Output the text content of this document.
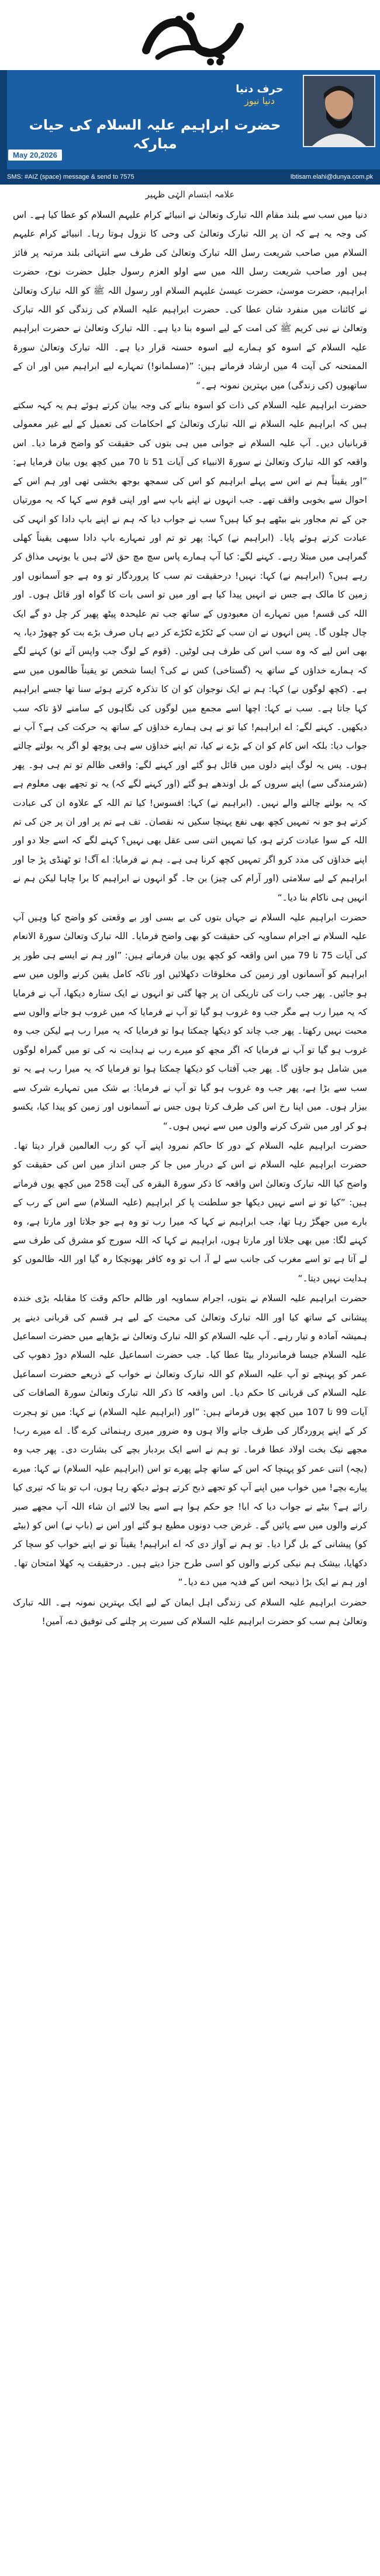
حرف دنیا
دنیا نیوز
حضرت ابراہیم علیہ السلام کی حیات مبارکہ
May 20,2026
SMS: #AIZ (space) message & send to 7575	Ibtisam.elahi@dunya.com.pk
علامہ ابتسام الہٰی ظہیر

دنیا میں سب سے بلند مقام اللہ تبارک وتعالیٰ نے انبیائے کرام علیہم السلام کو عطا کیا ہے۔ اس کی وجہ یہ ہے کہ ان پر اللہ تبارک وتعالیٰ کی وحی کا نزول ہوتا رہا۔ انبیائے کرام علیہم السلام میں صاحب شریعت رسل اللہ تبارک وتعالیٰ کی طرف سے انتہائی بلند مرتبہ پر فائز ہیں اور صاحب شریعت رسل اللہ میں سے اولو العزم رسول جلیل حضرت نوح، حضرت ابراہیم، حضرت موسیٰ، حضرت عیسیٰ علیہم السلام اور رسول اللہ ﷺ کو اللہ تبارک وتعالیٰ نے کائنات میں منفرد شان عطا کی۔ حضرت ابراہیم علیہ السلام کی زندگی کو اللہ تبارک وتعالیٰ نے نبی کریم ﷺ کی امت کے لیے اسوہ بنا دیا ہے۔ اللہ تبارک وتعالیٰ نے حضرت ابراہیم علیہ السلام کے اسوہ کو ہمارے لیے اسوہ حسنہ قرار دیا ہے۔ اللہ تبارک وتعالیٰ سورۃ الممتحنہ کی آیت 4 میں ارشاد فرماتے ہیں: ”(مسلمانو!) تمہارے لیے ابراہیم میں اور ان کے ساتھیوں (کی زندگی) میں بہترین نمونہ ہے۔“

حضرت ابراہیم علیہ السلام کی ذات کو اسوہ بنانے کی وجہ بیان کرتے ہوئے ہم یہ کہہ سکتے ہیں کہ ابراہیم علیہ السلام نے اللہ تبارک وتعالیٰ کے احکامات کی تعمیل کے لیے غیر معمولی قربانیاں دیں۔ آپ علیہ السلام نے جوانی میں ہی بتوں کی حقیقت کو واضح فرما دیا۔ اس واقعہ کو اللہ تبارک وتعالیٰ نے سورۃ الانبیاء کی آیات 51 تا 70 میں کچھ یوں بیان فرمایا ہے: ”اور یقیناً ہم نے اس سے پہلے ابراہیم کو اس کی سمجھ بوجھ بخشی تھی اور ہم اس کے احوال سے بخوبی واقف تھے۔ جب انہوں نے اپنے باپ سے اور اپنی قوم سے کہا کہ یہ مورتیاں جن کے تم مجاور بنے بیٹھے ہو کیا ہیں؟ سب نے جواب دیا کہ ہم نے اپنے باپ دادا کو انہی کی عبادت کرتے ہوئے پایا۔ (ابراہیم نے) کہا: پھر تو تم اور تمہارے باپ دادا سبھی یقیناً کھلی گمراہی میں مبتلا رہے۔ کہنے لگے: کیا آپ ہمارے پاس سچ مچ حق لائے ہیں یا یونہی مذاق کر رہے ہیں؟ (ابراہیم نے) کہا: نہیں! درحقیقت تم سب کا پروردگار تو وہ ہے جو آسمانوں اور زمین کا مالک ہے جس نے انہیں پیدا کیا ہے اور میں تو اسی بات کا گواہ اور قائل ہوں۔ اور اللہ کی قسم! میں تمہارے ان معبودوں کے ساتھ جب تم علیحدہ پیٹھ پھیر کر چل دو گے ایک چال چلوں گا۔ پس انہوں نے ان سب کے ٹکڑے ٹکڑے کر دیے ہاں صرف بڑے بت کو چھوڑ دیا، یہ بھی اس لیے کہ وہ سب اس کی طرف ہی لوٹیں۔ (قوم کے لوگ جب واپس آئے تو) کہنے لگے کہ ہمارے خداؤں کے ساتھ یہ (گستاخی) کس نے کی؟ ایسا شخص تو یقیناً ظالموں میں سے ہے۔ (کچھ لوگوں نے) کہا: ہم نے ایک نوجوان کو ان کا تذکرہ کرتے ہوئے سنا تھا جسے ابراہیم کہا جاتا ہے۔ سب نے کہا: اچھا اسے مجمع میں لوگوں کی نگاہوں کے سامنے لاؤ تاکہ سب دیکھیں۔ کہنے لگے: اے ابراہیم! کیا تو نے ہی ہمارے خداؤں کے ساتھ یہ حرکت کی ہے؟ آپ نے جواب دیا: بلکہ اس کام کو ان کے بڑے نے کیا، تم اپنے خداؤں سے ہی پوچھ لو اگر یہ بولتے چالتے ہوں۔ پس یہ لوگ اپنے دلوں میں قائل ہو گئے اور کہنے لگے: واقعی ظالم تو تم ہی ہو۔ پھر (شرمندگی سے) اپنے سروں کے بل اوندھے ہو گئے (اور کہنے لگے کہ) یہ تو تجھے بھی معلوم ہے کہ یہ بولنے چالنے والے نہیں۔ (ابراہیم نے) کہا: افسوس! کیا تم اللہ کے علاوہ ان کی عبادت کرتے ہو جو نہ تمہیں کچھ بھی نفع پہنچا سکیں نہ نقصان۔ تف ہے تم پر اور ان پر جن کی تم اللہ کے سوا عبادت کرتے ہو، کیا تمہیں اتنی سی عقل بھی نہیں؟ کہنے لگے کہ اسے جلا دو اور اپنے خداؤں کی مدد کرو اگر تمہیں کچھ کرنا ہی ہے۔ ہم نے فرمایا: اے آگ! تو ٹھنڈی پڑ جا اور ابراہیم کے لیے سلامتی (اور آرام کی چیز) بن جا۔ گو انہوں نے ابراہیم کا برا چاہا لیکن ہم نے انہیں ہی ناکام بنا دیا۔“

حضرت ابراہیم علیہ السلام نے جہاں بتوں کی بے بسی اور بے وقعتی کو واضح کیا وہیں آپ علیہ السلام نے اجرام سماویہ کی حقیقت کو بھی واضح فرمایا۔ اللہ تبارک وتعالیٰ سورۃ الانعام کی آیات 75 تا 79 میں اس واقعہ کو کچھ یوں بیان فرماتے ہیں: ”اور ہم نے ایسے ہی طور پر ابراہیم کو آسمانوں اور زمین کی مخلوقات دکھلائیں اور تاکہ کامل یقین کرنے والوں میں سے ہو جائیں۔ پھر جب رات کی تاریکی ان پر چھا گئی تو انہوں نے ایک ستارہ دیکھا، آپ نے فرمایا کہ یہ میرا رب ہے مگر جب وہ غروب ہو گیا تو آپ نے فرمایا کہ میں غروب ہو جانے والوں سے محبت نہیں رکھتا۔ پھر جب چاند کو دیکھا چمکتا ہوا تو فرمایا کہ یہ میرا رب ہے لیکن جب وہ غروب ہو گیا تو آپ نے فرمایا کہ اگر مجھ کو میرے رب نے ہدایت نہ کی تو میں گمراہ لوگوں میں شامل ہو جاؤں گا۔ پھر جب آفتاب کو دیکھا چمکتا ہوا تو فرمایا کہ یہ میرا رب ہے یہ تو سب سے بڑا ہے، پھر جب وہ غروب ہو گیا تو آپ نے فرمایا: بے شک میں تمہارے شرک سے بیزار ہوں۔ میں اپنا رخ اس کی طرف کرتا ہوں جس نے آسمانوں اور زمین کو پیدا کیا، یکسو ہو کر اور میں شرک کرنے والوں میں سے نہیں ہوں۔“

حضرت ابراہیم علیہ السلام کے دور کا حاکم نمرود اپنے آپ کو رب العالمین قرار دیتا تھا۔ حضرت ابراہیم علیہ السلام نے اس کے دربار میں جا کر جس انداز میں اس کی حقیقت کو واضح کیا اللہ تبارک وتعالیٰ اس واقعہ کا ذکر سورۃ البقرہ کی آیت 258 میں کچھ یوں فرماتے ہیں: ”کیا تو نے اسے نہیں دیکھا جو سلطنت پا کر ابراہیم (علیہ السلام) سے اس کے رب کے بارے میں جھگڑ رہا تھا، جب ابراہیم نے کہا کہ میرا رب تو وہ ہے جو جلاتا اور مارتا ہے، وہ کہنے لگا: میں بھی جلاتا اور مارتا ہوں، ابراہیم نے کہا کہ اللہ سورج کو مشرق کی طرف سے لے آتا ہے تو اسے مغرب کی جانب سے لے آ، اب تو وہ کافر بھونچکا رہ گیا اور اللہ ظالموں کو ہدایت نہیں دیتا۔“

حضرت ابراہیم علیہ السلام نے بتوں، اجرام سماویہ اور ظالم حاکم وقت کا مقابلہ بڑی خندہ پیشانی کے ساتھ کیا اور اللہ تبارک وتعالیٰ کی محبت کے لیے ہر قسم کی قربانی دینے پر ہمیشہ آمادہ و تیار رہے۔ آپ علیہ السلام کو اللہ تبارک وتعالیٰ نے بڑھاپے میں حضرت اسماعیل علیہ السلام جیسا فرمانبردار بیٹا عطا کیا۔ جب حضرت اسماعیل علیہ السلام دوڑ دھوپ کی عمر کو پہنچے تو آپ علیہ السلام کو اللہ تبارک وتعالیٰ نے خواب کے ذریعے حضرت اسماعیل علیہ السلام کی قربانی کا حکم دیا۔ اس واقعہ کا ذکر اللہ تبارک وتعالیٰ سورۃ الصافات کی آیات 99 تا 107 میں کچھ یوں فرماتے ہیں: ”اور (ابراہیم علیہ السلام) نے کہا: میں تو ہجرت کر کے اپنے پروردگار کی طرف جانے والا ہوں وہ ضرور میری رہنمائی کرے گا۔ اے میرے رب! مجھے نیک بخت اولاد عطا فرما۔ تو ہم نے اسے ایک بردبار بچے کی بشارت دی۔ پھر جب وہ (بچہ) اتنی عمر کو پہنچا کہ اس کے ساتھ چلے پھرے تو اس (ابراہیم علیہ السلام) نے کہا: میرے پیارے بچے! میں خواب میں اپنے آپ کو تجھے ذبح کرتے ہوئے دیکھ رہا ہوں، اب تو بتا کہ تیری کیا رائے ہے؟ بیٹے نے جواب دیا کہ ابا! جو حکم ہوا ہے اسے بجا لائیے ان شاء اللہ آپ مجھے صبر کرنے والوں میں سے پائیں گے۔ غرض جب دونوں مطیع ہو گئے اور اس نے (باپ نے) اس کو (بیٹے کو) پیشانی کے بل گرا دیا۔ تو ہم نے آواز دی کہ اے ابراہیم! یقیناً تو نے اپنے خواب کو سچا کر دکھایا، بیشک ہم نیکی کرنے والوں کو اسی طرح جزا دیتے ہیں۔ درحقیقت یہ کھلا امتحان تھا۔ اور ہم نے ایک بڑا ذبیحہ اس کے فدیہ میں دے دیا۔“

حضرت ابراہیم علیہ السلام کی زندگی اہل ایمان کے لیے ایک بہترین نمونہ ہے۔ اللہ تبارک وتعالیٰ ہم سب کو حضرت ابراہیم علیہ السلام کی سیرت پر چلنے کی توفیق دے، آمین!
